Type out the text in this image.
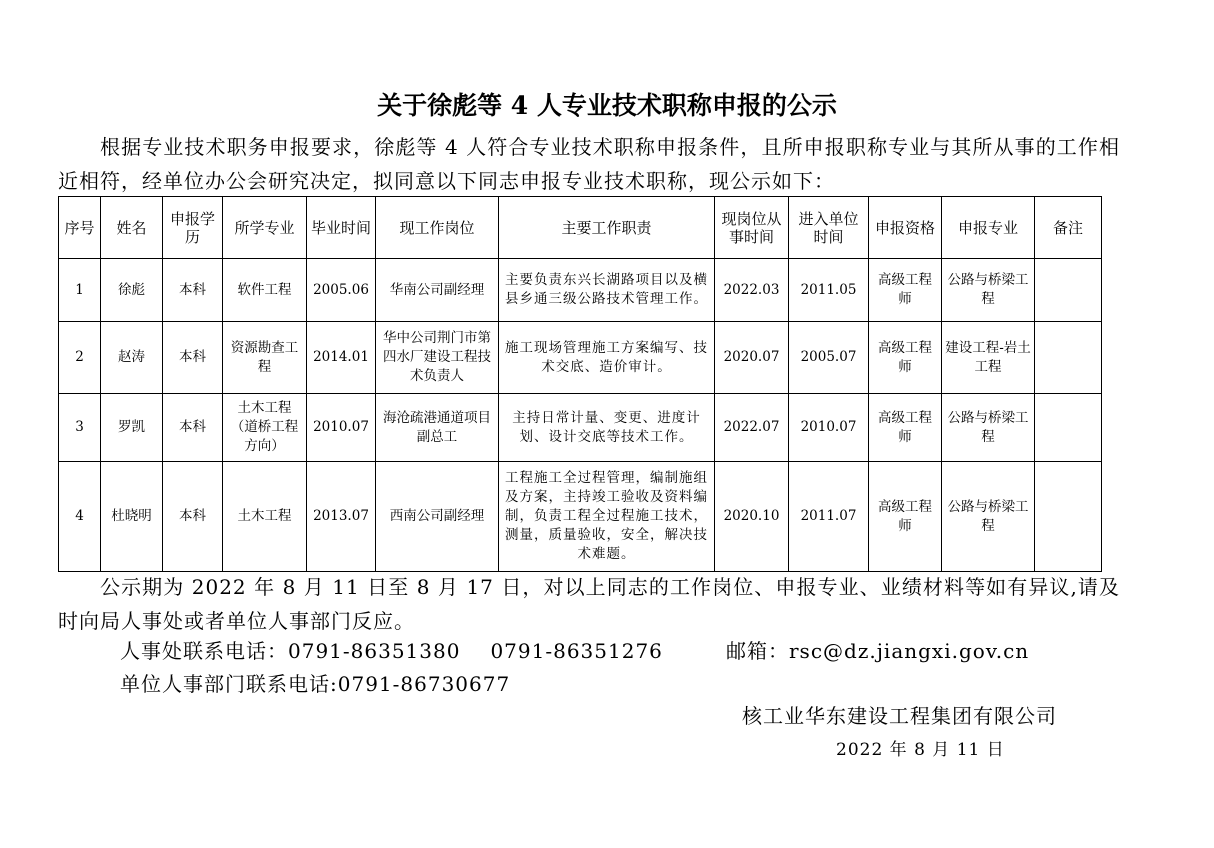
关于徐彪等 4 人专业技术职称申报的公示
根据专业技术职务申报要求，徐彪等 4 人符合专业技术职称申报条件，且所申报职称专业与其所从事的工作相近相符，经单位办公会研究决定，拟同意以下同志申报专业技术职称，现公示如下：
序号	姓名	申报学历	所学专业	毕业时间	现工作岗位	主要工作职责	现岗位从事时间	进入单位时间	申报资格	申报专业	备注
1	徐彪	本科	软件工程	2005.06	华南公司副经理	主要负责东兴长湖路项目以及横县乡通三级公路技术管理工作。	2022.03	2011.05	高级工程师	公路与桥梁工程	
2	赵涛	本科	资源勘查工程	2014.01	华中公司荆门市第四水厂建设工程技术负责人	施工现场管理施工方案编写、技术交底、造价审计。	2020.07	2005.07	高级工程师	建设工程-岩土工程	
3	罗凯	本科	土木工程（道桥工程方向）	2010.07	海沧疏港通道项目副总工	主持日常计量、变更、进度计划、设计交底等技术工作。	2022.07	2010.07	高级工程师	公路与桥梁工程	
4	杜晓明	本科	土木工程	2013.07	西南公司副经理	工程施工全过程管理，编制施组及方案，主持竣工验收及资料编制，负责工程全过程施工技术，测量，质量验收，安全，解决技术难题。	2020.10	2011.07	高级工程师	公路与桥梁工程	
公示期为 2022 年 8 月 11 日至 8 月 17 日，对以上同志的工作岗位、申报专业、业绩材料等如有异议,请及时向局人事处或者单位人事部门反应。
人事处联系电话：0791-86351380 0791-86351276	邮箱：rsc@dz.jiangxi.gov.cn
单位人事部门联系电话:0791-86730677
核工业华东建设工程集团有限公司
2022 年 8 月 11 日
